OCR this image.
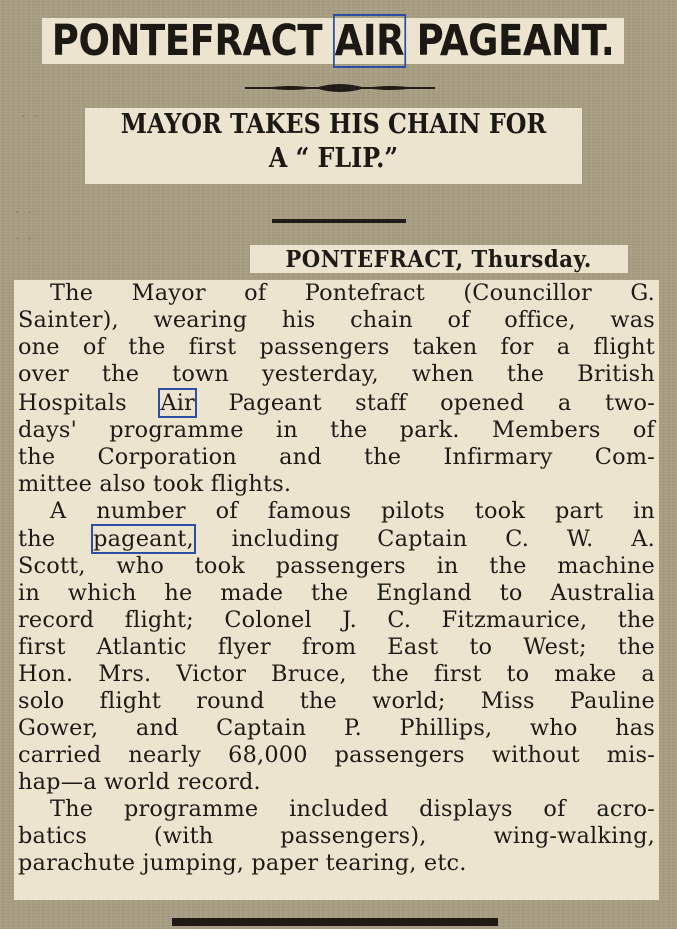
· ·
· ·
· ·
PONTEFRACT AIR PAGEANT.
MAYOR TAKES HIS CHAIN FOR
A “ FLIP.”
PONTEFRACT, Thursday.
The Mayor of Pontefract (Councillor G.
Sainter), wearing his chain of office, was
one of the first passengers taken for a flight
over the town yesterday, when the British
Hospitals Air Pageant staff opened a two-
days' programme in the park. Members of
the Corporation and the Infirmary Com-
mittee also took flights.
A number of famous pilots took part in
the pageant, including Captain C. W. A.
Scott, who took passengers in the machine
in which he made the England to Australia
record flight; Colonel J. C. Fitzmaurice, the
first Atlantic flyer from East to West; the
Hon. Mrs. Victor Bruce, the first to make a
solo flight round the world; Miss Pauline
Gower, and Captain P. Phillips, who has
carried nearly 68,000 passengers without mis-
hap—a world record.
The programme included displays of acro-
batics (with passengers), wing-walking,
parachute jumping, paper tearing, etc.
